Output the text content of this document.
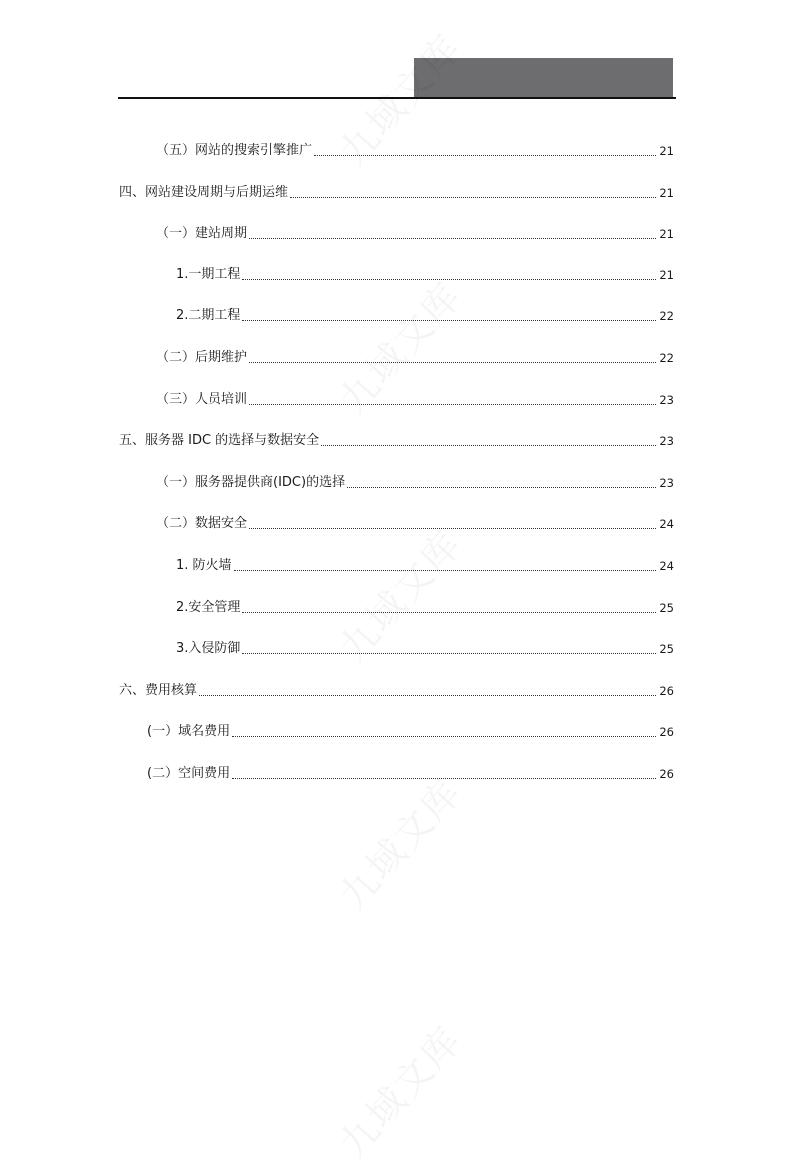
（五）网站的搜索引擎推广	21
四、网站建设周期与后期运维	21
（一）建站周期	21
1.一期工程	21
2.二期工程	22
（二）后期维护	22
（三）人员培训	23
五、服务器 IDC 的选择与数据安全	23
（一）服务器提供商(IDC)的选择	23
（二）数据安全	24
1. 防火墙	24
2.安全管理	25
3.入侵防御	25
六、费用核算	26
(一）域名费用	26
(二）空间费用	26
